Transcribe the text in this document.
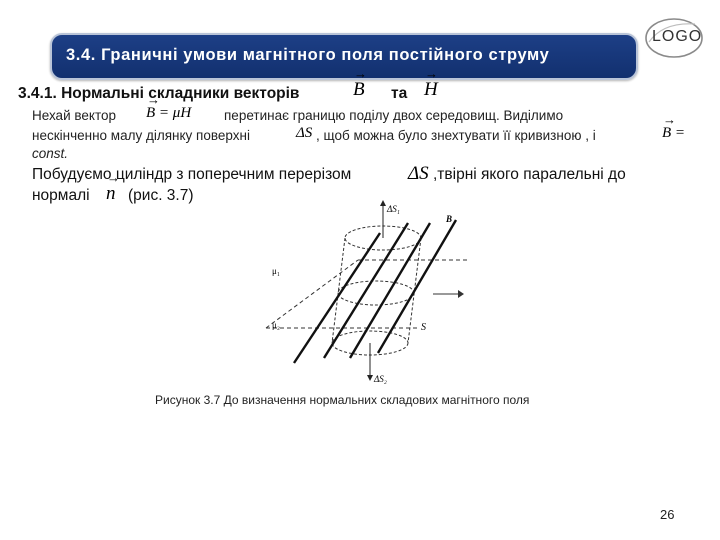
3.4. Граничні умови магнітного поля постійного струму
LOGO
3.4.1. Нормальні складники векторів	→ B та → H
Нехай вектор → B = μH перетинає границю поділу двох середовищ. Виділимо
нескінченно малу ділянку поверхні	ΔS , щоб можна було знехтувати її кривизною , і	→ B =
const.
Побудуємо циліндр з поперечним перерізом	ΔS ,твірні якого паралельні до
нормалі → n (рис. 3.7)
ΔS₁
B
μ₁
μ₂	S
ΔS₂
Рисунок 3.7 До визначення нормальних складових магнітного поля
26
